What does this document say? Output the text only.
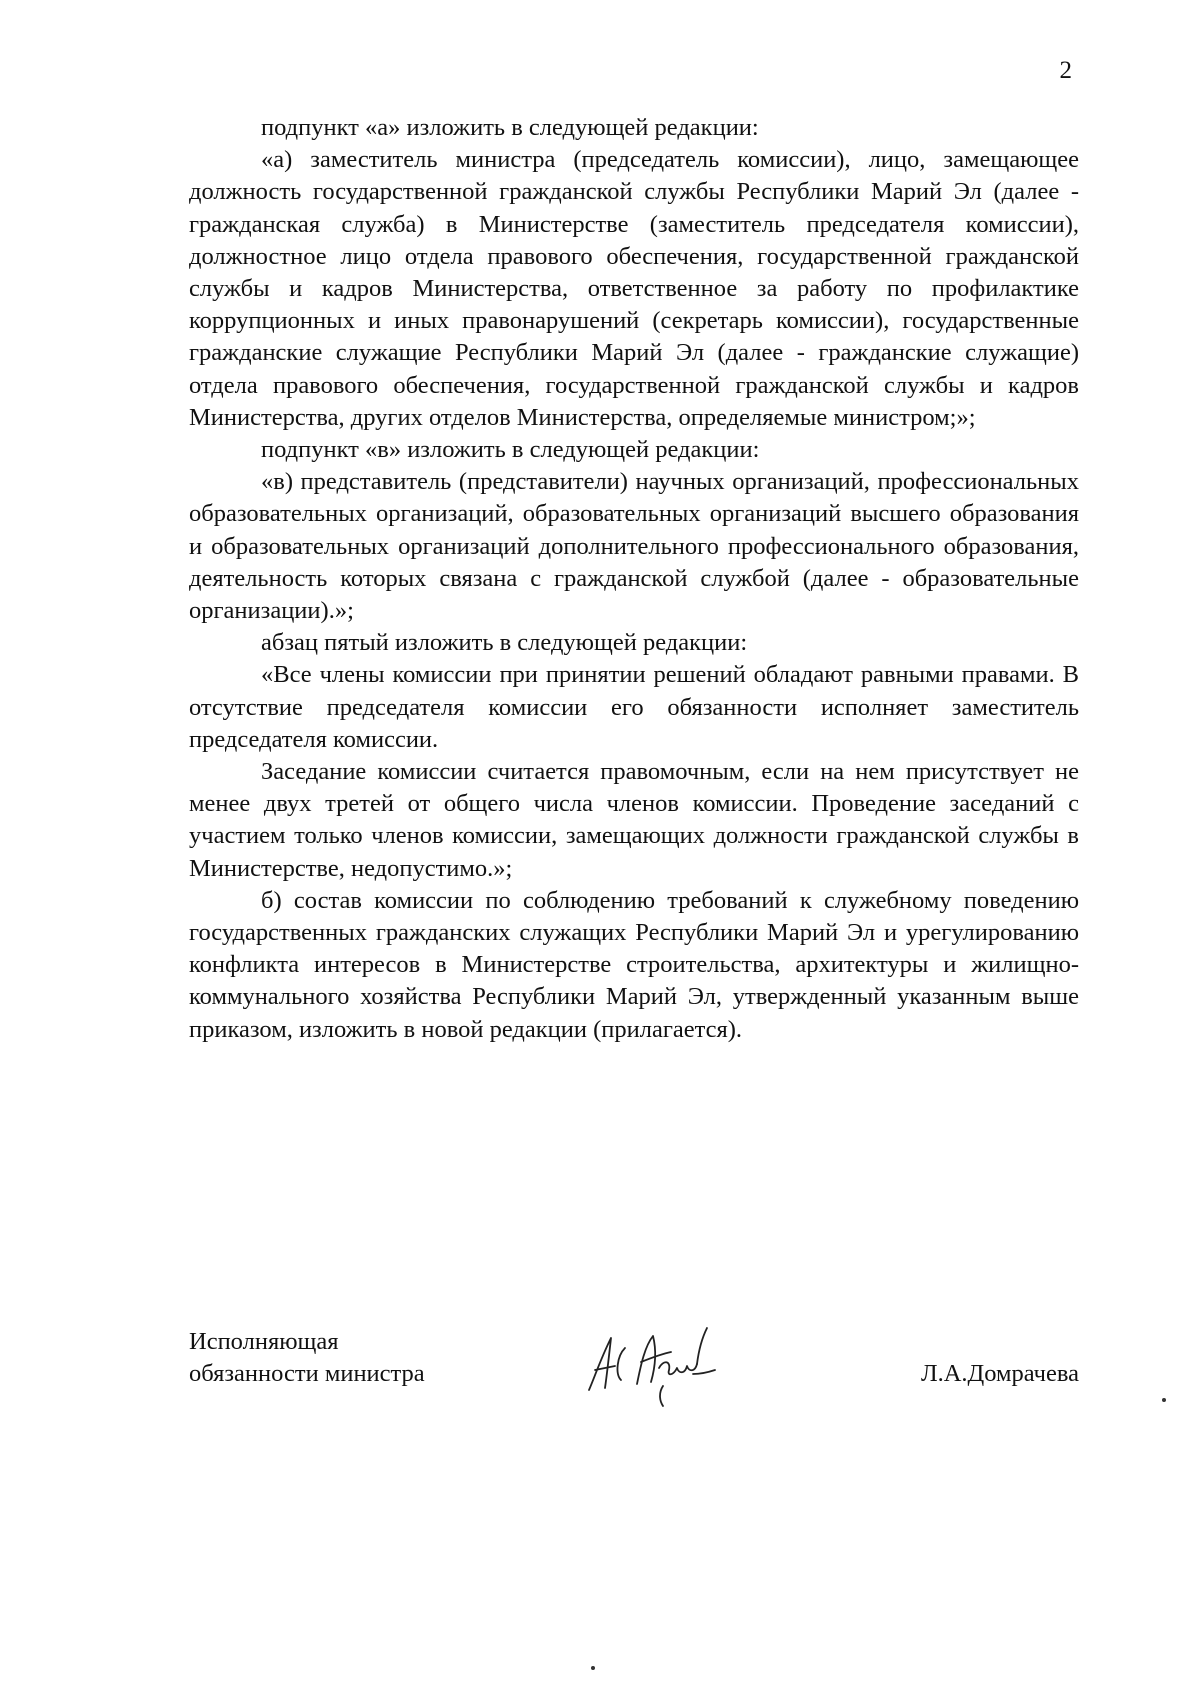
2

подпункт «а» изложить в следующей редакции:

«а) заместитель министра (председатель комиссии), лицо, замещающее должность государственной гражданской службы Республики Марий Эл (далее - гражданская служба) в Министерстве (заместитель председателя комиссии), должностное лицо отдела правового обеспечения, государственной гражданской службы и кадров Министерства, ответственное за работу по профилактике коррупционных и иных правонарушений (секретарь комиссии), государственные гражданские служащие Республики Марий Эл (далее - гражданские служащие) отдела правового обеспечения, государственной гражданской службы и кадров Министерства, других отделов Министерства, определяемые министром;»;

подпункт «в» изложить в следующей редакции:

«в) представитель (представители) научных организаций, профессиональных образовательных организаций, образовательных организаций высшего образования и образовательных организаций дополнительного профессионального образования, деятельность которых связана с гражданской службой (далее - образовательные организации).»;

абзац пятый изложить в следующей редакции:

«Все члены комиссии при принятии решений обладают равными правами. В отсутствие председателя комиссии его обязанности исполняет заместитель председателя комиссии.

Заседание комиссии считается правомочным, если на нем присутствует не менее двух третей от общего числа членов комиссии. Проведение заседаний с участием только членов комиссии, замещающих должности гражданской службы в Министерстве, недопустимо.»;

б) состав комиссии по соблюдению требований к служебному поведению государственных гражданских служащих Республики Марий Эл и урегулированию конфликта интересов в Министерстве строительства, архитектуры и жилищно-коммунального хозяйства Республики Марий Эл, утвержденный указанным выше приказом, изложить в новой редакции (прилагается).

Исполняющая
обязанности министра	Л.А.Домрачева
